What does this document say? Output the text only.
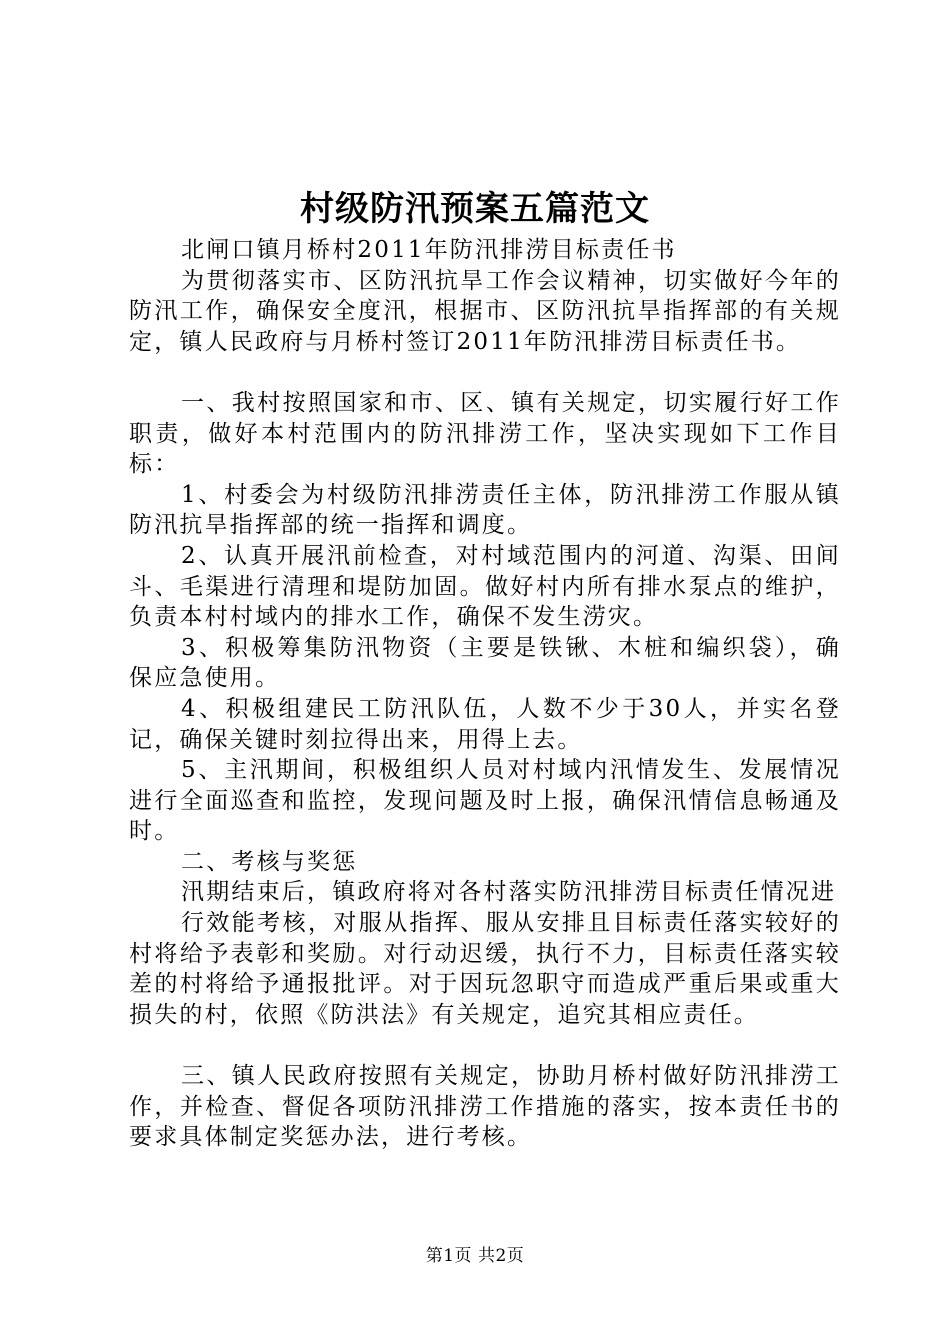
村级防汛预案五篇范文

北闸口镇月桥村2011年防汛排涝目标责任书

为贯彻落实市、区防汛抗旱工作会议精神，切实做好今年的防汛工作，确保安全度汛，根据市、区防汛抗旱指挥部的有关规定，镇人民政府与月桥村签订2011年防汛排涝目标责任书。

一、我村按照国家和市、区、镇有关规定，切实履行好工作职责，做好本村范围内的防汛排涝工作，坚决实现如下工作目标：

1、村委会为村级防汛排涝责任主体，防汛排涝工作服从镇防汛抗旱指挥部的统一指挥和调度。

2、认真开展汛前检查，对村域范围内的河道、沟渠、田间斗、毛渠进行清理和堤防加固。做好村内所有排水泵点的维护，负责本村村域内的排水工作，确保不发生涝灾。

3、积极筹集防汛物资（主要是铁锹、木桩和编织袋），确保应急使用。

4、积极组建民工防汛队伍，人数不少于30人，并实名登记，确保关键时刻拉得出来，用得上去。

5、主汛期间，积极组织人员对村域内汛情发生、发展情况进行全面巡查和监控，发现问题及时上报，确保汛情信息畅通及时。

二、考核与奖惩

汛期结束后，镇政府将对各村落实防汛排涝目标责任情况进

行效能考核，对服从指挥、服从安排且目标责任落实较好的村将给予表彰和奖励。对行动迟缓，执行不力，目标责任落实较差的村将给予通报批评。对于因玩忽职守而造成严重后果或重大损失的村，依照《防洪法》有关规定，追究其相应责任。

三、镇人民政府按照有关规定，协助月桥村做好防汛排涝工作，并检查、督促各项防汛排涝工作措施的落实，按本责任书的要求具体制定奖惩办法，进行考核。

第1页 共2页
